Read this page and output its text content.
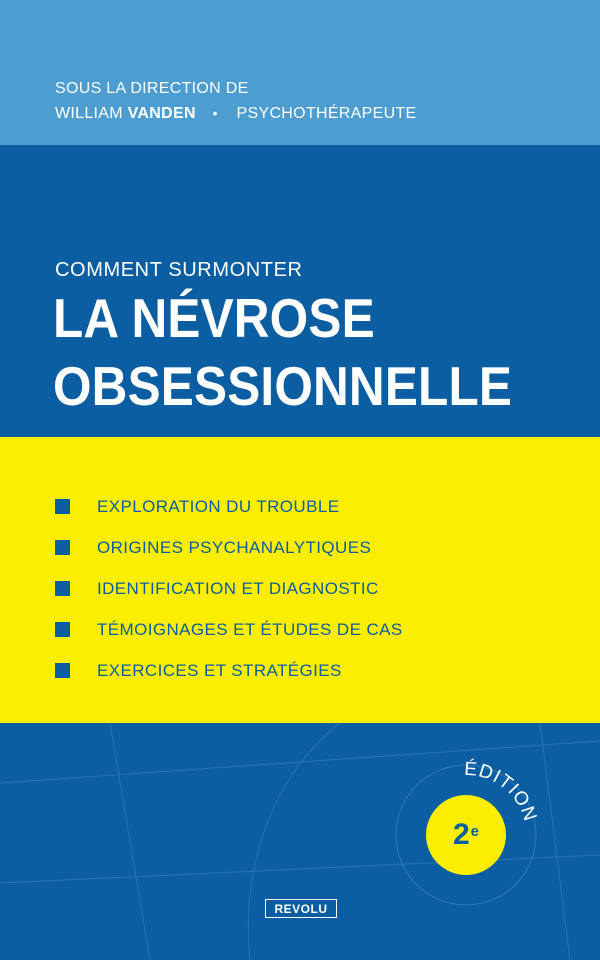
SOUS LA DIRECTION DE
WILLIAM VANDEN • PSYCHOTHÉRAPEUTE
COMMENT SURMONTER
LA NÉVROSE
OBSESSIONNELLE
EXPLORATION DU TROUBLE
ORIGINES PSYCHANALYTIQUES
IDENTIFICATION ET DIAGNOSTIC
TÉMOIGNAGES ET ÉTUDES DE CAS
EXERCICES ET STRATÉGIES
2e
ÉDITION
REVOLU
